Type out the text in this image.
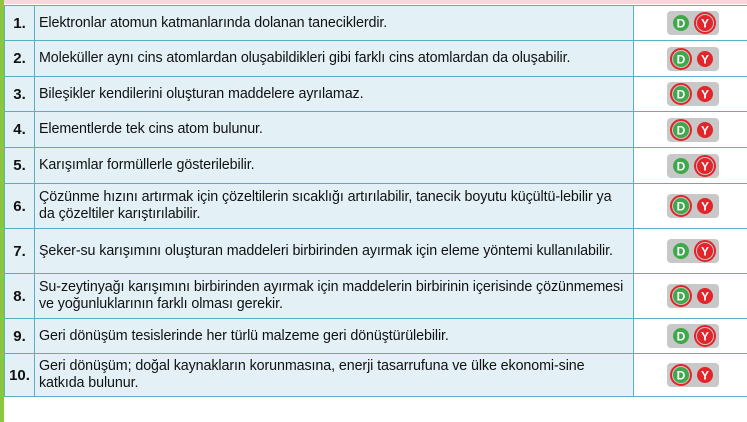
1.	Elektronlar atomun katmanlarında dolanan taneciklerdir.	D Y

2.	Moleküller aynı cins atomlardan oluşabildikleri gibi farklı cins atomlardan da oluşabilir.	D Y

3.	Bileşikler kendilerini oluşturan maddelere ayrılamaz.	D Y

4.	Elementlerde tek cins atom bulunur.	D Y

5.	Karışımlar formüllerle gösterilebilir.	D Y

6.	Çözünme hızını artırmak için çözeltilerin sıcaklığı artırılabilir, tanecik boyutu küçültü-lebilir ya da çözeltiler karıştırılabilir.	D Y

7.	Şeker-su karışımını oluşturan maddeleri birbirinden ayırmak için eleme yöntemi kullanılabilir.	D Y

8.	Su-zeytinyağı karışımını birbirinden ayırmak için maddelerin birbirinin içerisinde çözünmemesi ve yoğunluklarının farklı olması gerekir.	D Y

9.	Geri dönüşüm tesislerinde her türlü malzeme geri dönüştürülebilir.	D Y

10.	Geri dönüşüm; doğal kaynakların korunmasına, enerji tasarrufuna ve ülke ekonomi-sine katkıda bulunur.	D Y
